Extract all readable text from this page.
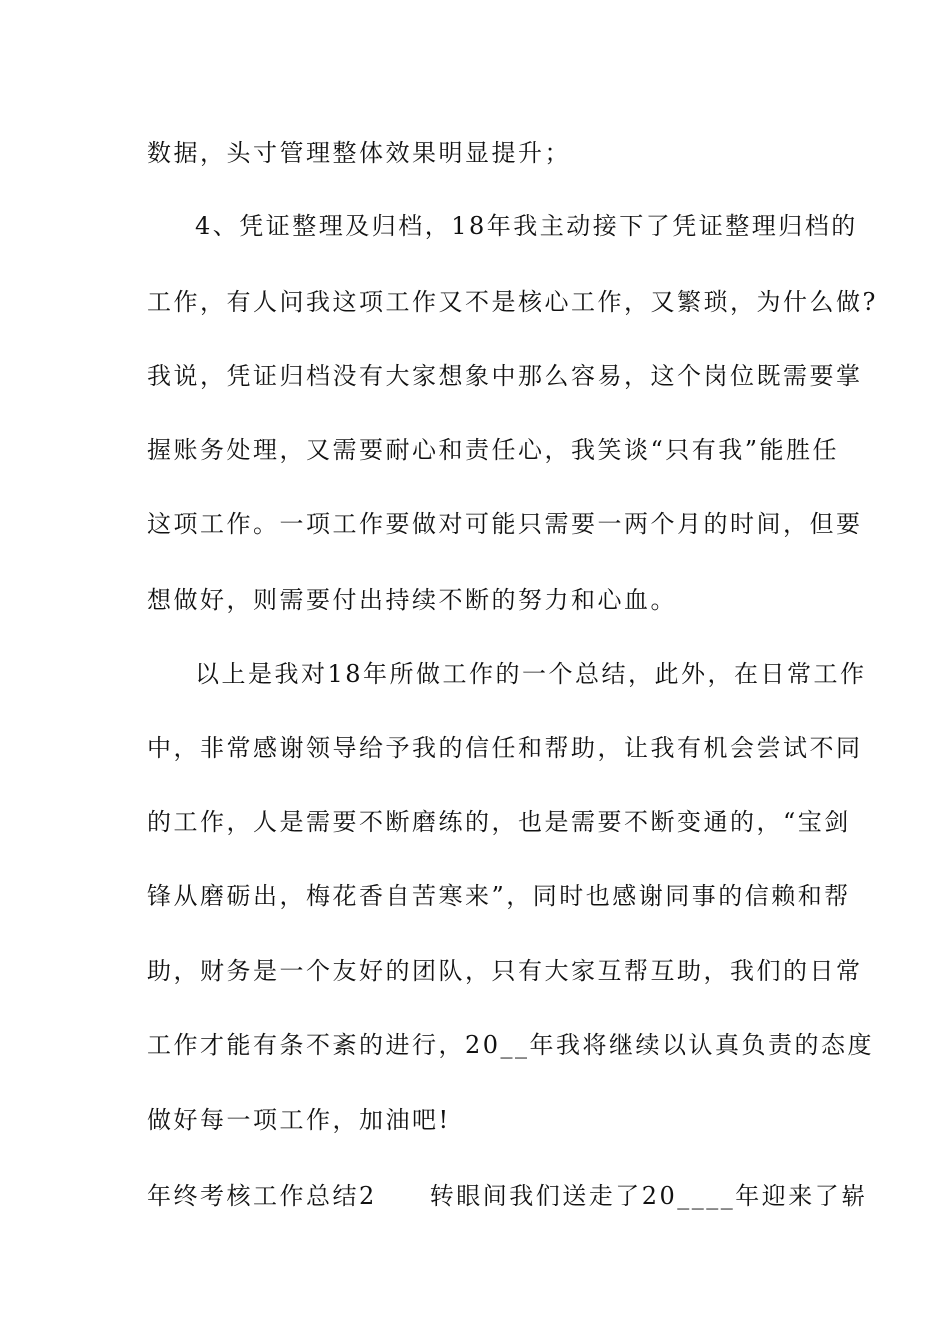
数据，头寸管理整体效果明显提升；
4、凭证整理及归档，18年我主动接下了凭证整理归档的
工作，有人问我这项工作又不是核心工作，又繁琐，为什么做?
我说，凭证归档没有大家想象中那么容易，这个岗位既需要掌
握账务处理，又需要耐心和责任心，我笑谈“只有我”能胜任
这项工作。一项工作要做对可能只需要一两个月的时间，但要
想做好，则需要付出持续不断的努力和心血。
以上是我对18年所做工作的一个总结，此外，在日常工作
中，非常感谢领导给予我的信任和帮助，让我有机会尝试不同
的工作，人是需要不断磨练的，也是需要不断变通的，“宝剑
锋从磨砺出，梅花香自苦寒来”，同时也感谢同事的信赖和帮
助，财务是一个友好的团队，只有大家互帮互助，我们的日常
工作才能有条不紊的进行，20__年我将继续以认真负责的态度
做好每一项工作，加油吧!
年终考核工作总结2　　转眼间我们送走了20____年迎来了崭
